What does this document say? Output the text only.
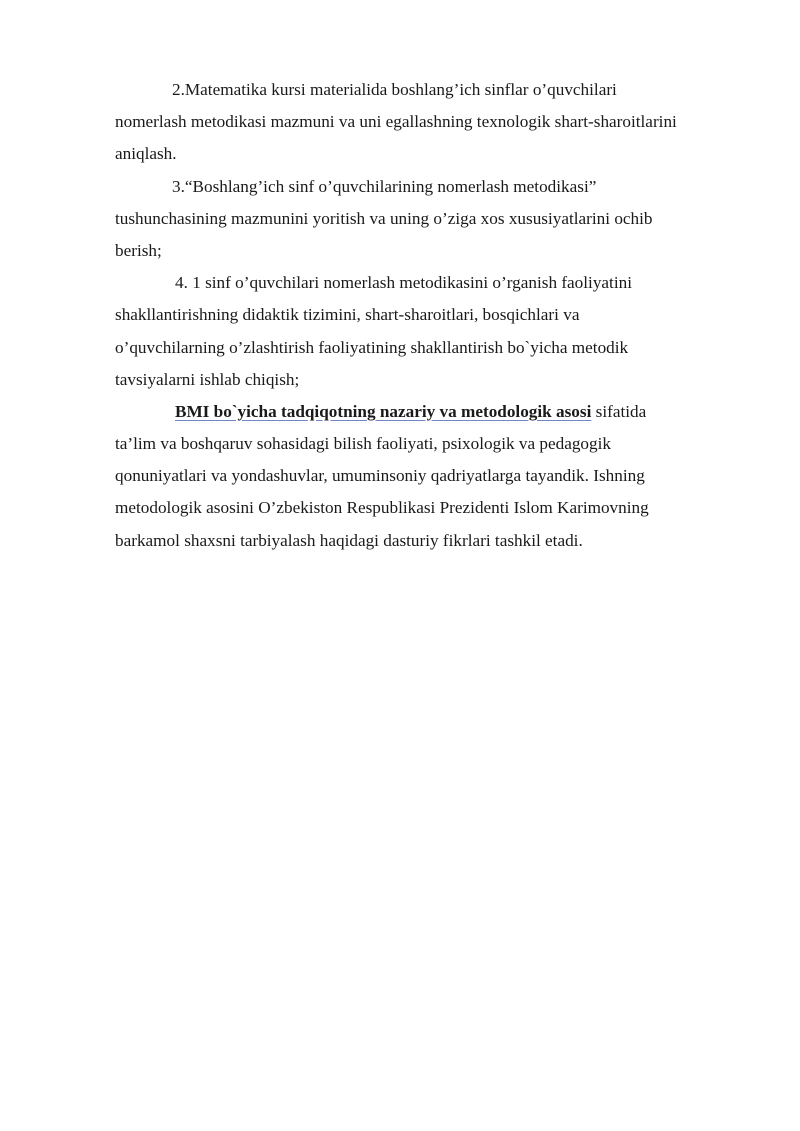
2.Matematika kursi materialida boshlang’ich sinflar o’quvchilari
nomerlash metodikasi mazmuni va uni egallashning texnologik shart-sharoitlarini
aniqlash.
3.“Boshlang’ich sinf o’quvchilarining nomerlash metodikasi”
tushunchasining mazmunini yoritish va uning o’ziga xos xususiyatlarini ochib
berish;
4. 1 sinf o’quvchilari nomerlash metodikasini o’rganish faoliyatini
shakllantirishning didaktik tizimini, shart-sharoitlari, bosqichlari va
o’quvchilarning o’zlashtirish faoliyatining shakllantirish bo`yicha metodik
tavsiyalarni ishlab chiqish;
BMI bo`yicha tadqiqotning nazariy va metodologik asosi sifatida
ta’lim va boshqaruv sohasidagi bilish faoliyati, psixologik va pedagogik
qonuniyatlari va yondashuvlar, umuminsoniy qadriyatlarga tayandik. Ishning
metodologik asosini O’zbekiston Respublikasi Prezidenti Islom Karimovning
barkamol shaxsni tarbiyalash haqidagi dasturiy fikrlari tashkil etadi.
